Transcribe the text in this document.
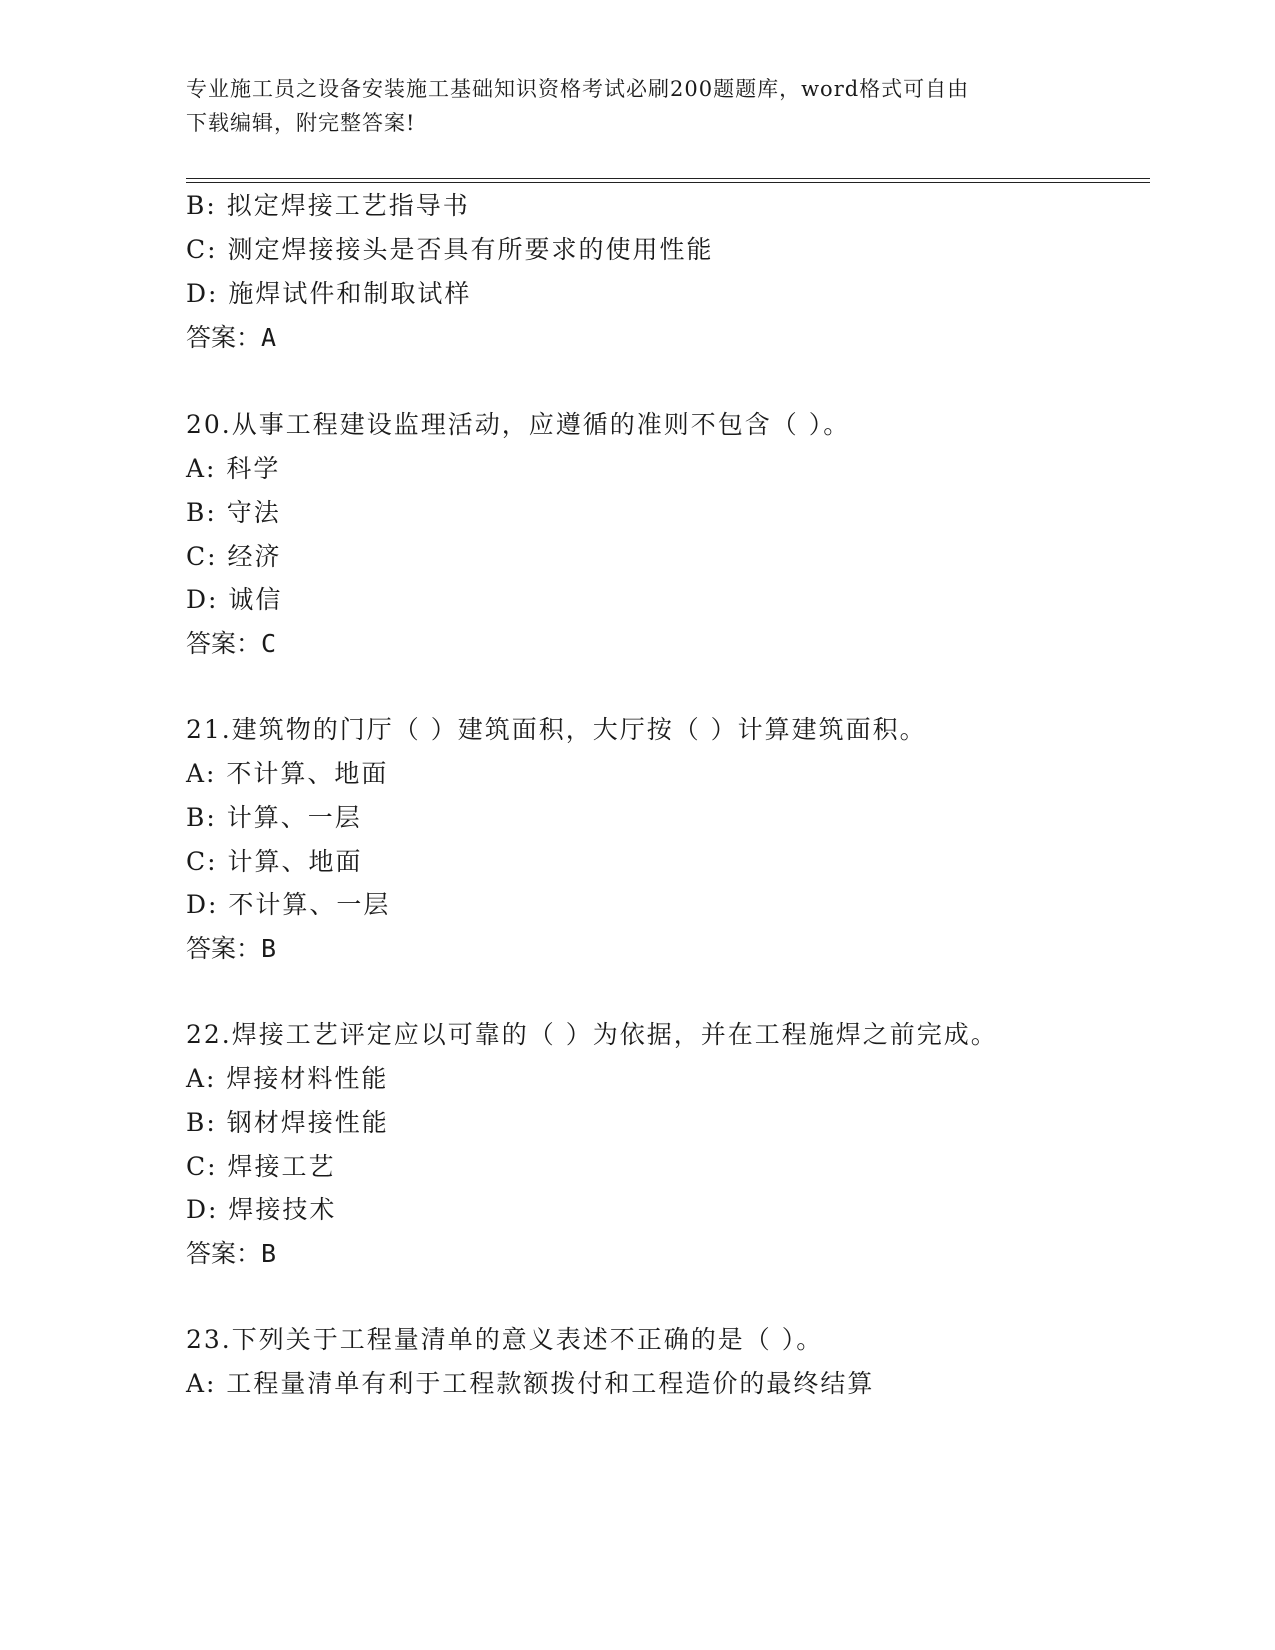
专业施工员之设备安装施工基础知识资格考试必刷200题题库，word格式可自由
下载编辑，附完整答案!
B: 拟定焊接工艺指导书
C: 测定焊接接头是否具有所要求的使用性能
D: 施焊试件和制取试样
答案：A
20.从事工程建设监理活动，应遵循的准则不包含（ ）。
A: 科学
B: 守法
C: 经济
D: 诚信
答案：C
21.建筑物的门厅（ ）建筑面积，大厅按（ ）计算建筑面积。
A: 不计算、地面
B: 计算、一层
C: 计算、地面
D: 不计算、一层
答案：B
22.焊接工艺评定应以可靠的（ ）为依据，并在工程施焊之前完成。
A: 焊接材料性能
B: 钢材焊接性能
C: 焊接工艺
D: 焊接技术
答案：B
23.下列关于工程量清单的意义表述不正确的是（ ）。
A: 工程量清单有利于工程款额拨付和工程造价的最终结算
